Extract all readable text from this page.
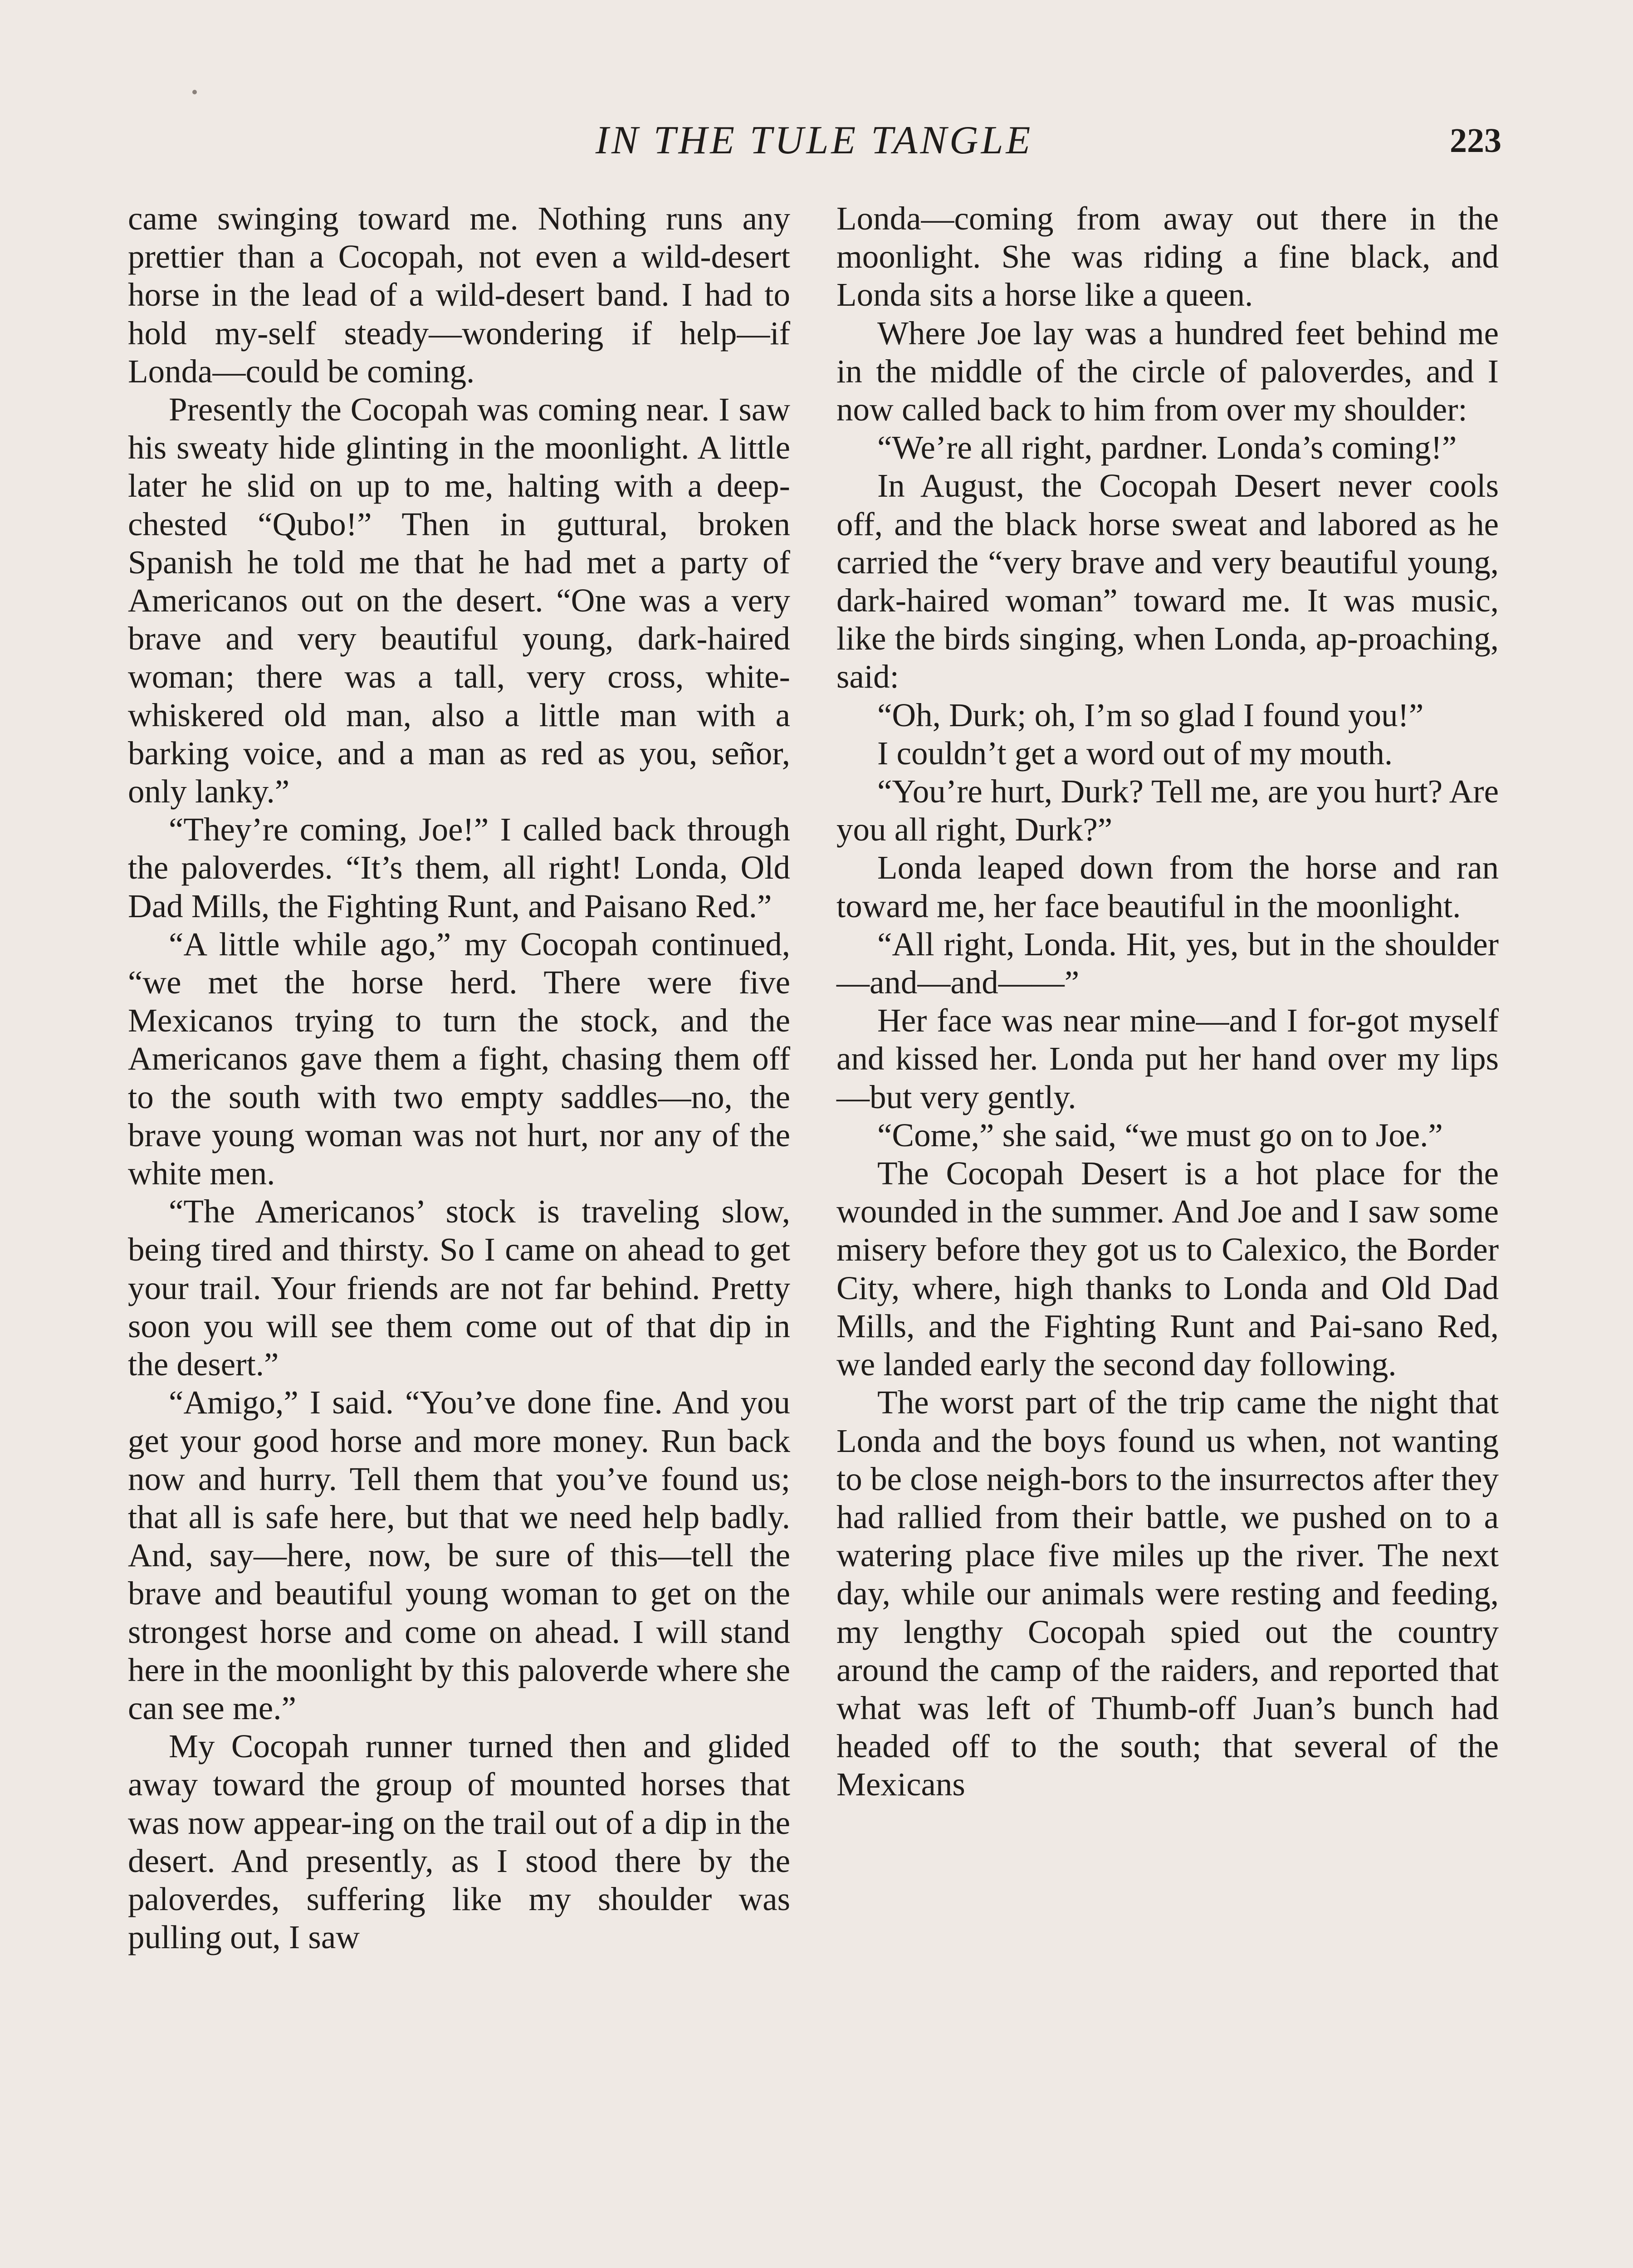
IN THE TULE TANGLE	223

came swinging toward me. Nothing runs any prettier than a Cocopah, not even a wild-desert horse in the lead of a wild-desert band. I had to hold my-self steady—wondering if help—if Londa—could be coming.

Presently the Cocopah was coming near. I saw his sweaty hide glinting in the moonlight. A little later he slid on up to me, halting with a deep-chested “Qubo!” Then in guttural, broken Spanish he told me that he had met a party of Americanos out on the desert. “One was a very brave and very beautiful young, dark-haired woman; there was a tall, very cross, white-whiskered old man, also a little man with a barking voice, and a man as red as you, señor, only lanky.”

“They’re coming, Joe!” I called back through the paloverdes. “It’s them, all right! Londa, Old Dad Mills, the Fighting Runt, and Paisano Red.”

“A little while ago,” my Cocopah continued, “we met the horse herd. There were five Mexicanos trying to turn the stock, and the Americanos gave them a fight, chasing them off to the south with two empty saddles—no, the brave young woman was not hurt, nor any of the white men.

“The Americanos’ stock is traveling slow, being tired and thirsty. So I came on ahead to get your trail. Your friends are not far behind. Pretty soon you will see them come out of that dip in the desert.”

“Amigo,” I said. “You’ve done fine. And you get your good horse and more money. Run back now and hurry. Tell them that you’ve found us; that all is safe here, but that we need help badly. And, say—here, now, be sure of this—tell the brave and beautiful young woman to get on the strongest horse and come on ahead. I will stand here in the moonlight by this paloverde where she can see me.”

My Cocopah runner turned then and glided away toward the group of mounted horses that was now appear-ing on the trail out of a dip in the desert. And presently, as I stood there by the paloverdes, suffering like my shoulder was pulling out, I saw

Londa—coming from away out there in the moonlight. She was riding a fine black, and Londa sits a horse like a queen.

Where Joe lay was a hundred feet behind me in the middle of the circle of paloverdes, and I now called back to him from over my shoulder:

“We’re all right, pardner. Londa’s coming!”

In August, the Cocopah Desert never cools off, and the black horse sweat and labored as he carried the “very brave and very beautiful young, dark-haired woman” toward me. It was music, like the birds singing, when Londa, ap-proaching, said:

“Oh, Durk; oh, I’m so glad I found you!”

I couldn’t get a word out of my mouth.

“You’re hurt, Durk? Tell me, are you hurt? Are you all right, Durk?”

Londa leaped down from the horse and ran toward me, her face beautiful in the moonlight.

“All right, Londa. Hit, yes, but in the shoulder—and—and——”

Her face was near mine—and I for-got myself and kissed her. Londa put her hand over my lips—but very gently.

“Come,” she said, “we must go on to Joe.”

The Cocopah Desert is a hot place for the wounded in the summer. And Joe and I saw some misery before they got us to Calexico, the Border City, where, high thanks to Londa and Old Dad Mills, and the Fighting Runt and Pai-sano Red, we landed early the second day following.

The worst part of the trip came the night that Londa and the boys found us when, not wanting to be close neigh-bors to the insurrectos after they had rallied from their battle, we pushed on to a watering place five miles up the river. The next day, while our animals were resting and feeding, my lengthy Cocopah spied out the country around the camp of the raiders, and reported that what was left of Thumb-off Juan’s bunch had headed off to the south; that several of the Mexicans
